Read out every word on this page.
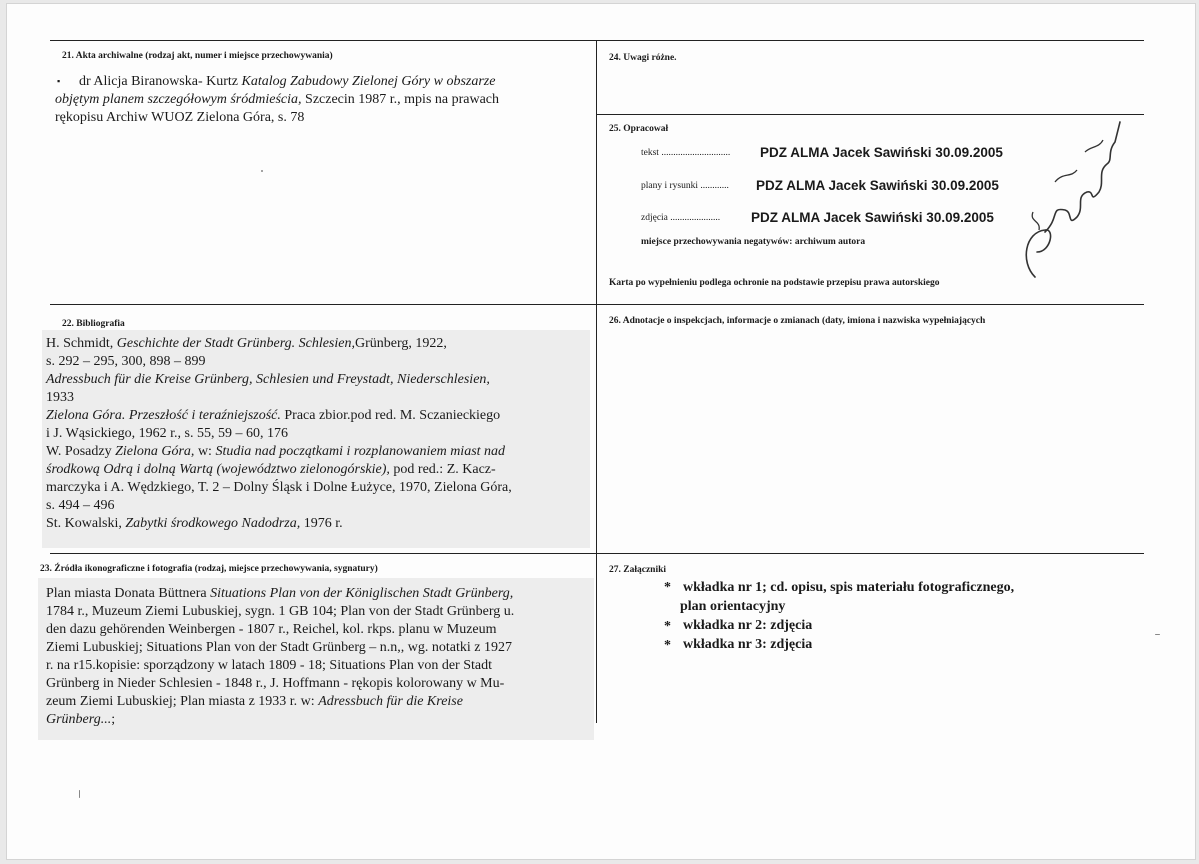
21. Akta archiwalne (rodzaj akt, numer i miejsce przechowywania)
▪ dr Alicja Biranowska- Kurtz Katalog Zabudowy Zielonej Góry w obszarze
objętym planem szczegółowym śródmieścia, Szczecin 1987 r., mpis na prawach
rękopisu Archiw WUOZ Zielona Góra, s. 78
24. Uwagi różne.
25. Opracował
tekst ............................. PDZ ALMA Jacek Sawiński 30.09.2005
plany i rysunki ............ PDZ ALMA Jacek Sawiński 30.09.2005
zdjęcia ..................... PDZ ALMA Jacek Sawiński 30.09.2005
miejsce przechowywania negatywów: archiwum autora
Karta po wypełnieniu podlega ochronie na podstawie przepisu prawa autorskiego
22. Bibliografia
H. Schmidt, Geschichte der Stadt Grünberg. Schlesien,Grünberg, 1922,
s. 292 – 295, 300, 898 – 899
Adressbuch für die Kreise Grünberg, Schlesien und Freystadt, Niederschlesien,
1933
Zielona Góra. Przeszłość i teraźniejszość. Praca zbior.pod red. M. Sczanieckiego
i J. Wąsickiego, 1962 r., s. 55, 59 – 60, 176
W. Posadzy Zielona Góra, w: Studia nad początkami i rozplanowaniem miast nad
środkową Odrą i dolną Wartą (województwo zielonogórskie), pod red.: Z. Kacz-
marczyka i A. Wędzkiego, T. 2 – Dolny Śląsk i Dolne Łużyce, 1970, Zielona Góra,
s. 494 – 496
St. Kowalski, Zabytki środkowego Nadodrza, 1976 r.
26. Adnotacje o inspekcjach, informacje o zmianach (daty, imiona i nazwiska wypełniających
23. Źródła ikonograficzne i fotografia (rodzaj, miejsce przechowywania, sygnatury)
Plan miasta Donata Büttnera Situations Plan von der Königlischen Stadt Grünberg,
1784 r., Muzeum Ziemi Lubuskiej, sygn. 1 GB 104; Plan von der Stadt Grünberg u.
den dazu gehörenden Weinbergen - 1807 r., Reichel, kol. rkps. planu w Muzeum
Ziemi Lubuskiej; Situations Plan von der Stadt Grünberg – n.n,, wg. notatki z 1927
r. na r15.kopisie: sporządzony w latach 1809 - 18; Situations Plan von der Stadt
Grünberg in Nieder Schlesien - 1848 r., J. Hoffmann - rękopis kolorowany w Mu-
zeum Ziemi Lubuskiej; Plan miasta z 1933 r. w: Adressbuch für die Kreise
Grünberg...;
27. Załączniki
* wkładka nr 1; cd. opisu, spis materiału fotograficznego,
plan orientacyjny
* wkładka nr 2: zdjęcia
* wkładka nr 3: zdjęcia
